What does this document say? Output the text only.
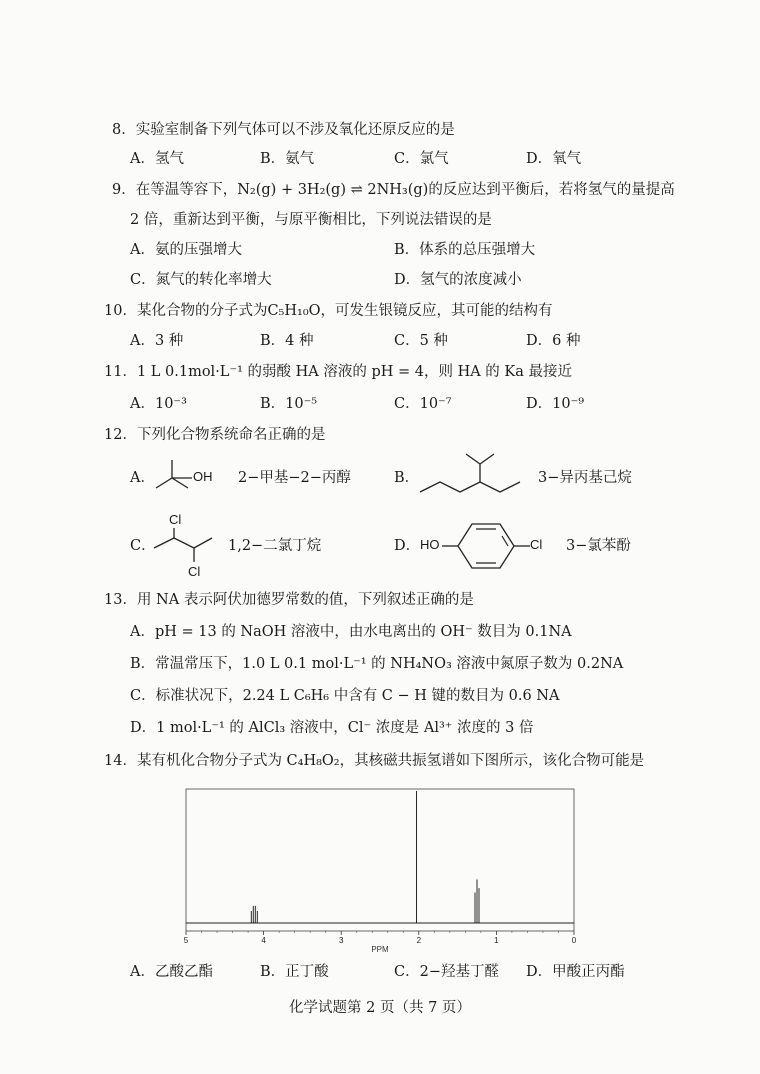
8．实验室制备下列气体可以不涉及氧化还原反应的是
A．氢气	B．氨气	C．氯气	D．氧气
9．在等温等容下，N₂(g) + 3H₂(g) ⇌ 2NH₃(g)的反应达到平衡后，若将氢气的量提高
2 倍，重新达到平衡，与原平衡相比，下列说法错误的是
A．氨的压强增大	B．体系的总压强增大
C．氮气的转化率增大	D．氢气的浓度减小
10．某化合物的分子式为C₅H₁₀O，可发生银镜反应，其可能的结构有
A．3 种	B．4 种	C．5 种	D．6 种
11．1 L 0.1mol·L⁻¹ 的弱酸 HA 溶液的 pH = 4，则 HA 的 Ka 最接近
A．10⁻³	B．10⁻⁵	C．10⁻⁷	D．10⁻⁹
12．下列化合物系统命名正确的是
A．	OH 2−甲基−2−丙醇	B．	3−异丙基己烷
C．
Cl
Cl
1,2−二氯丁烷	D． HO	Cl 3−氯苯酚
13．用 NA 表示阿伏加德罗常数的值，下列叙述正确的是
A．pH = 13 的 NaOH 溶液中，由水电离出的 OH⁻ 数目为 0.1NA
B．常温常压下，1.0 L 0.1 mol·L⁻¹ 的 NH₄NO₃ 溶液中氮原子数为 0.2NA
C．标准状况下，2.24 L C₆H₆ 中含有 C − H 键的数目为 0.6 NA
D．1 mol·L⁻¹ 的 AlCl₃ 溶液中，Cl⁻ 浓度是 Al³⁺ 浓度的 3 倍
14．某有机化合物分子式为 C₄H₈O₂，其核磁共振氢谱如下图所示，该化合物可能是
5	4	3	2	1	0
PPM
A．乙酸乙酯	B．正丁酸	C．2−羟基丁醛 D．甲酸正丙酯
化学试题第 2 页（共 7 页）
